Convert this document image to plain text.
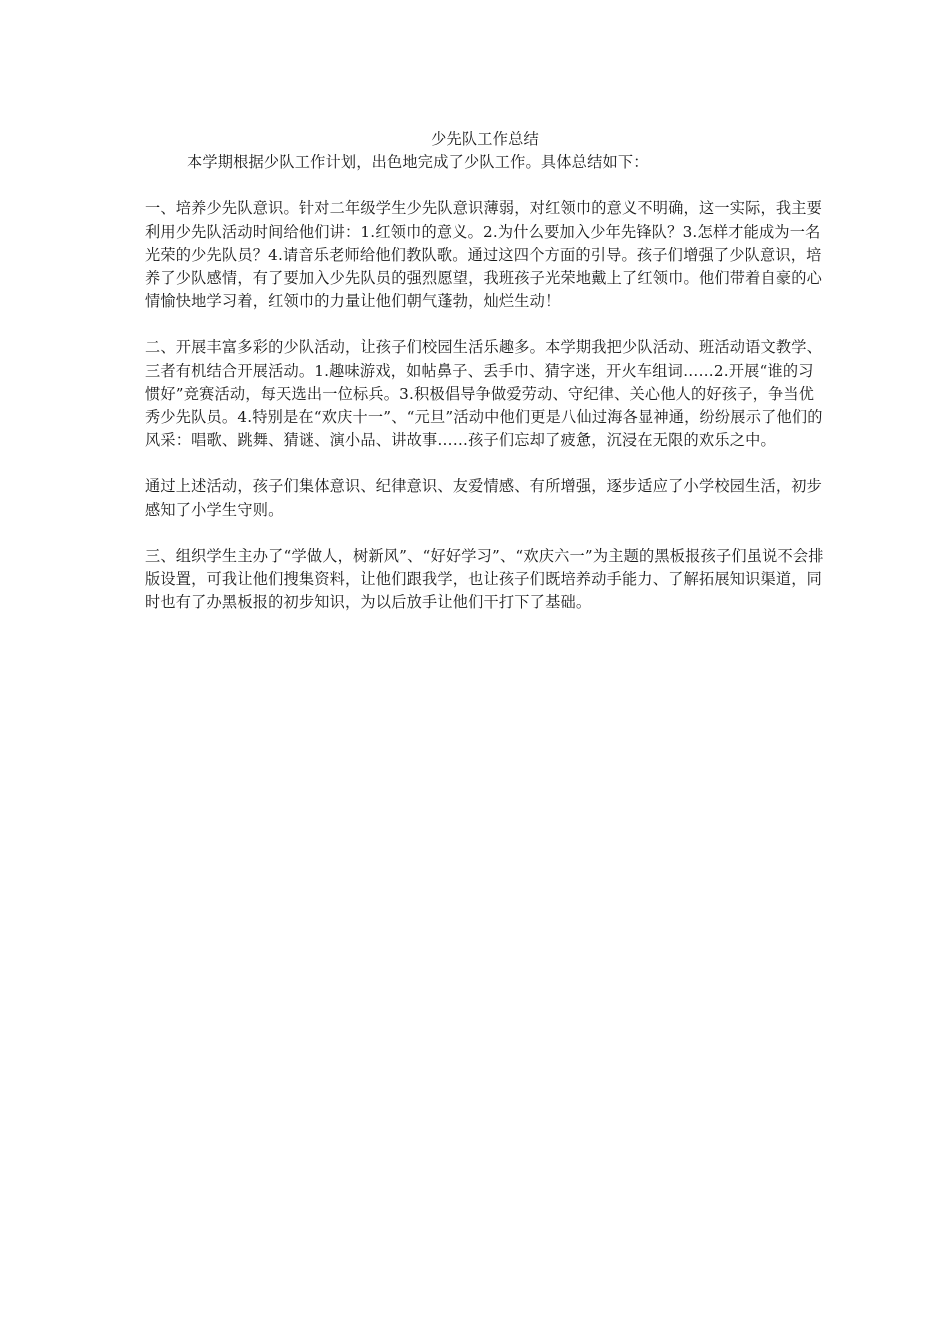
少先队工作总结

本学期根据少队工作计划，出色地完成了少队工作。具体总结如下：

一、培养少先队意识。针对二年级学生少先队意识薄弱，对红领巾的意义不明确，这一实际，我主要利用少先队活动时间给他们讲：1.红领巾的意义。2.为什么要加入少年先锋队？3.怎样才能成为一名光荣的少先队员？4.请音乐老师给他们教队歌。通过这四个方面的引导。孩子们增强了少队意识，培养了少队感情，有了要加入少先队员的强烈愿望，我班孩子光荣地戴上了红领巾。他们带着自豪的心情愉快地学习着，红领巾的力量让他们朝气蓬勃，灿烂生动！

二、开展丰富多彩的少队活动，让孩子们校园生活乐趣多。本学期我把少队活动、班活动语文教学、三者有机结合开展活动。1.趣味游戏，如帖鼻子、丢手巾、猜字迷，开火车组词……2.开展“谁的习惯好”竞赛活动，每天选出一位标兵。3.积极倡导争做爱劳动、守纪律、关心他人的好孩子，争当优秀少先队员。4.特别是在“欢庆十一”、“元旦”活动中他们更是八仙过海各显神通，纷纷展示了他们的风采：唱歌、跳舞、猜谜、演小品、讲故事……孩子们忘却了疲惫，沉浸在无限的欢乐之中。

通过上述活动，孩子们集体意识、纪律意识、友爱情感、有所增强，逐步适应了小学校园生活，初步感知了小学生守则。

三、组织学生主办了“学做人，树新风”、“好好学习”、“欢庆六一”为主题的黑板报孩子们虽说不会排版设置，可我让他们搜集资料，让他们跟我学，也让孩子们既培养动手能力、了解拓展知识渠道，同时也有了办黑板报的初步知识，为以后放手让他们干打下了基础。
